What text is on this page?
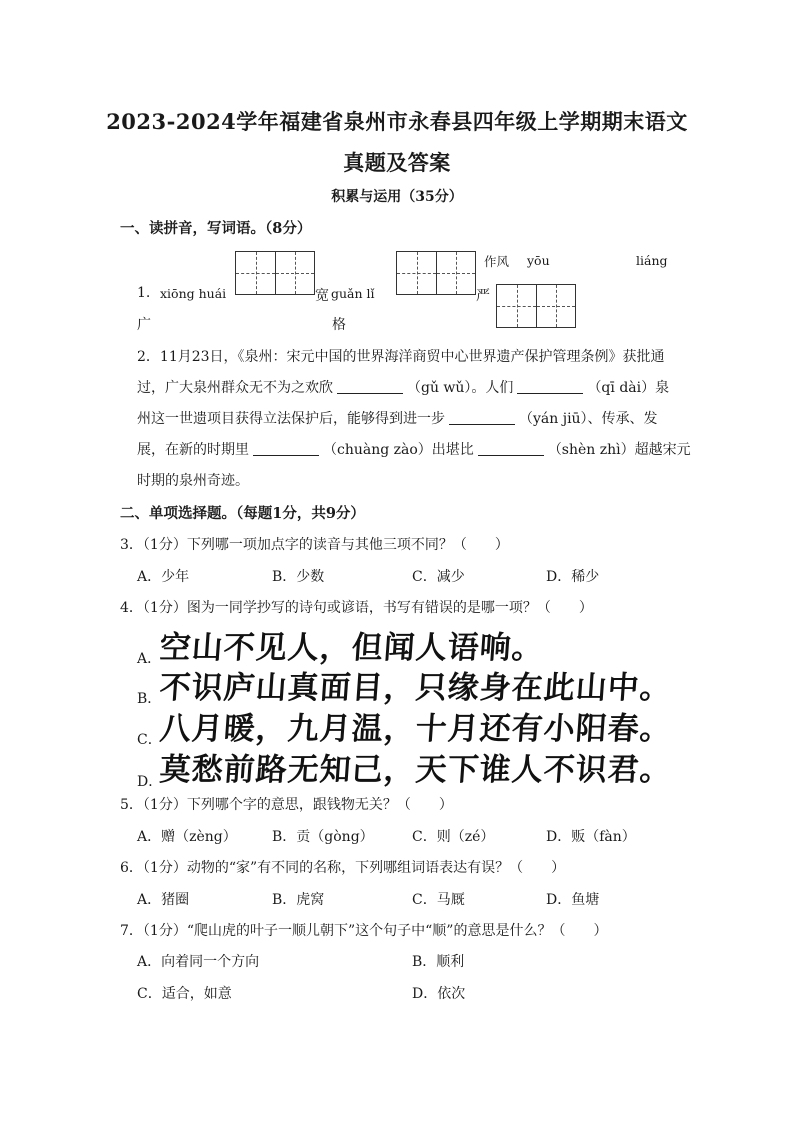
2023-2024学年福建省泉州市永春县四年级上学期期末语文
真题及答案
积累与运用（35分）
一、读拼音，写词语。（8分）
作风 yōu	liáng
1. xiōng huái	宽 guǎn lǐ	严
广	格
2．11月23日，《泉州：宋元中国的世界海洋商贸中心世界遗产保护管理条例》获批通
过，广大泉州群众无不为之欢欣	（gǔ wǔ）。人们	（qī dài）泉
州这一世遗项目获得立法保护后，能够得到进一步	（yán jiū）、传承、发
展，在新的时期里	（chuàng zào）出堪比	（shèn zhì）超越宋元
时期的泉州奇迹。
二、单项选择题。（每题1分，共9分）
3．（1分）下列哪一项加点字的读音与其他三项不同？（　　）
A．少年	B．少数	C．减少	D．稀少
4．（1分）图为一同学抄写的诗句或谚语，书写有错误的是哪一项？（　　）
A．
空山不见人，但闻人语响。
B．
不识庐山真面目，只缘身在此山中。
C．
八月暖，九月温，十月还有小阳春。
D．
莫愁前路无知己，天下谁人不识君。
5．（1分）下列哪个字的意思，跟钱物无关？（　　）
A．赠（zèng）	B．贡（gòng）	C．则（zé）	D．贩（fàn）
6．（1分）动物的“家”有不同的名称，下列哪组词语表达有误？（　　）
A．猪圈	B．虎窝	C．马厩	D．鱼塘
7．（1分）“爬山虎的叶子一顺儿朝下”这个句子中“顺”的意思是什么？（　　）
A．向着同一个方向	B．顺利
C．适合，如意	D．依次
